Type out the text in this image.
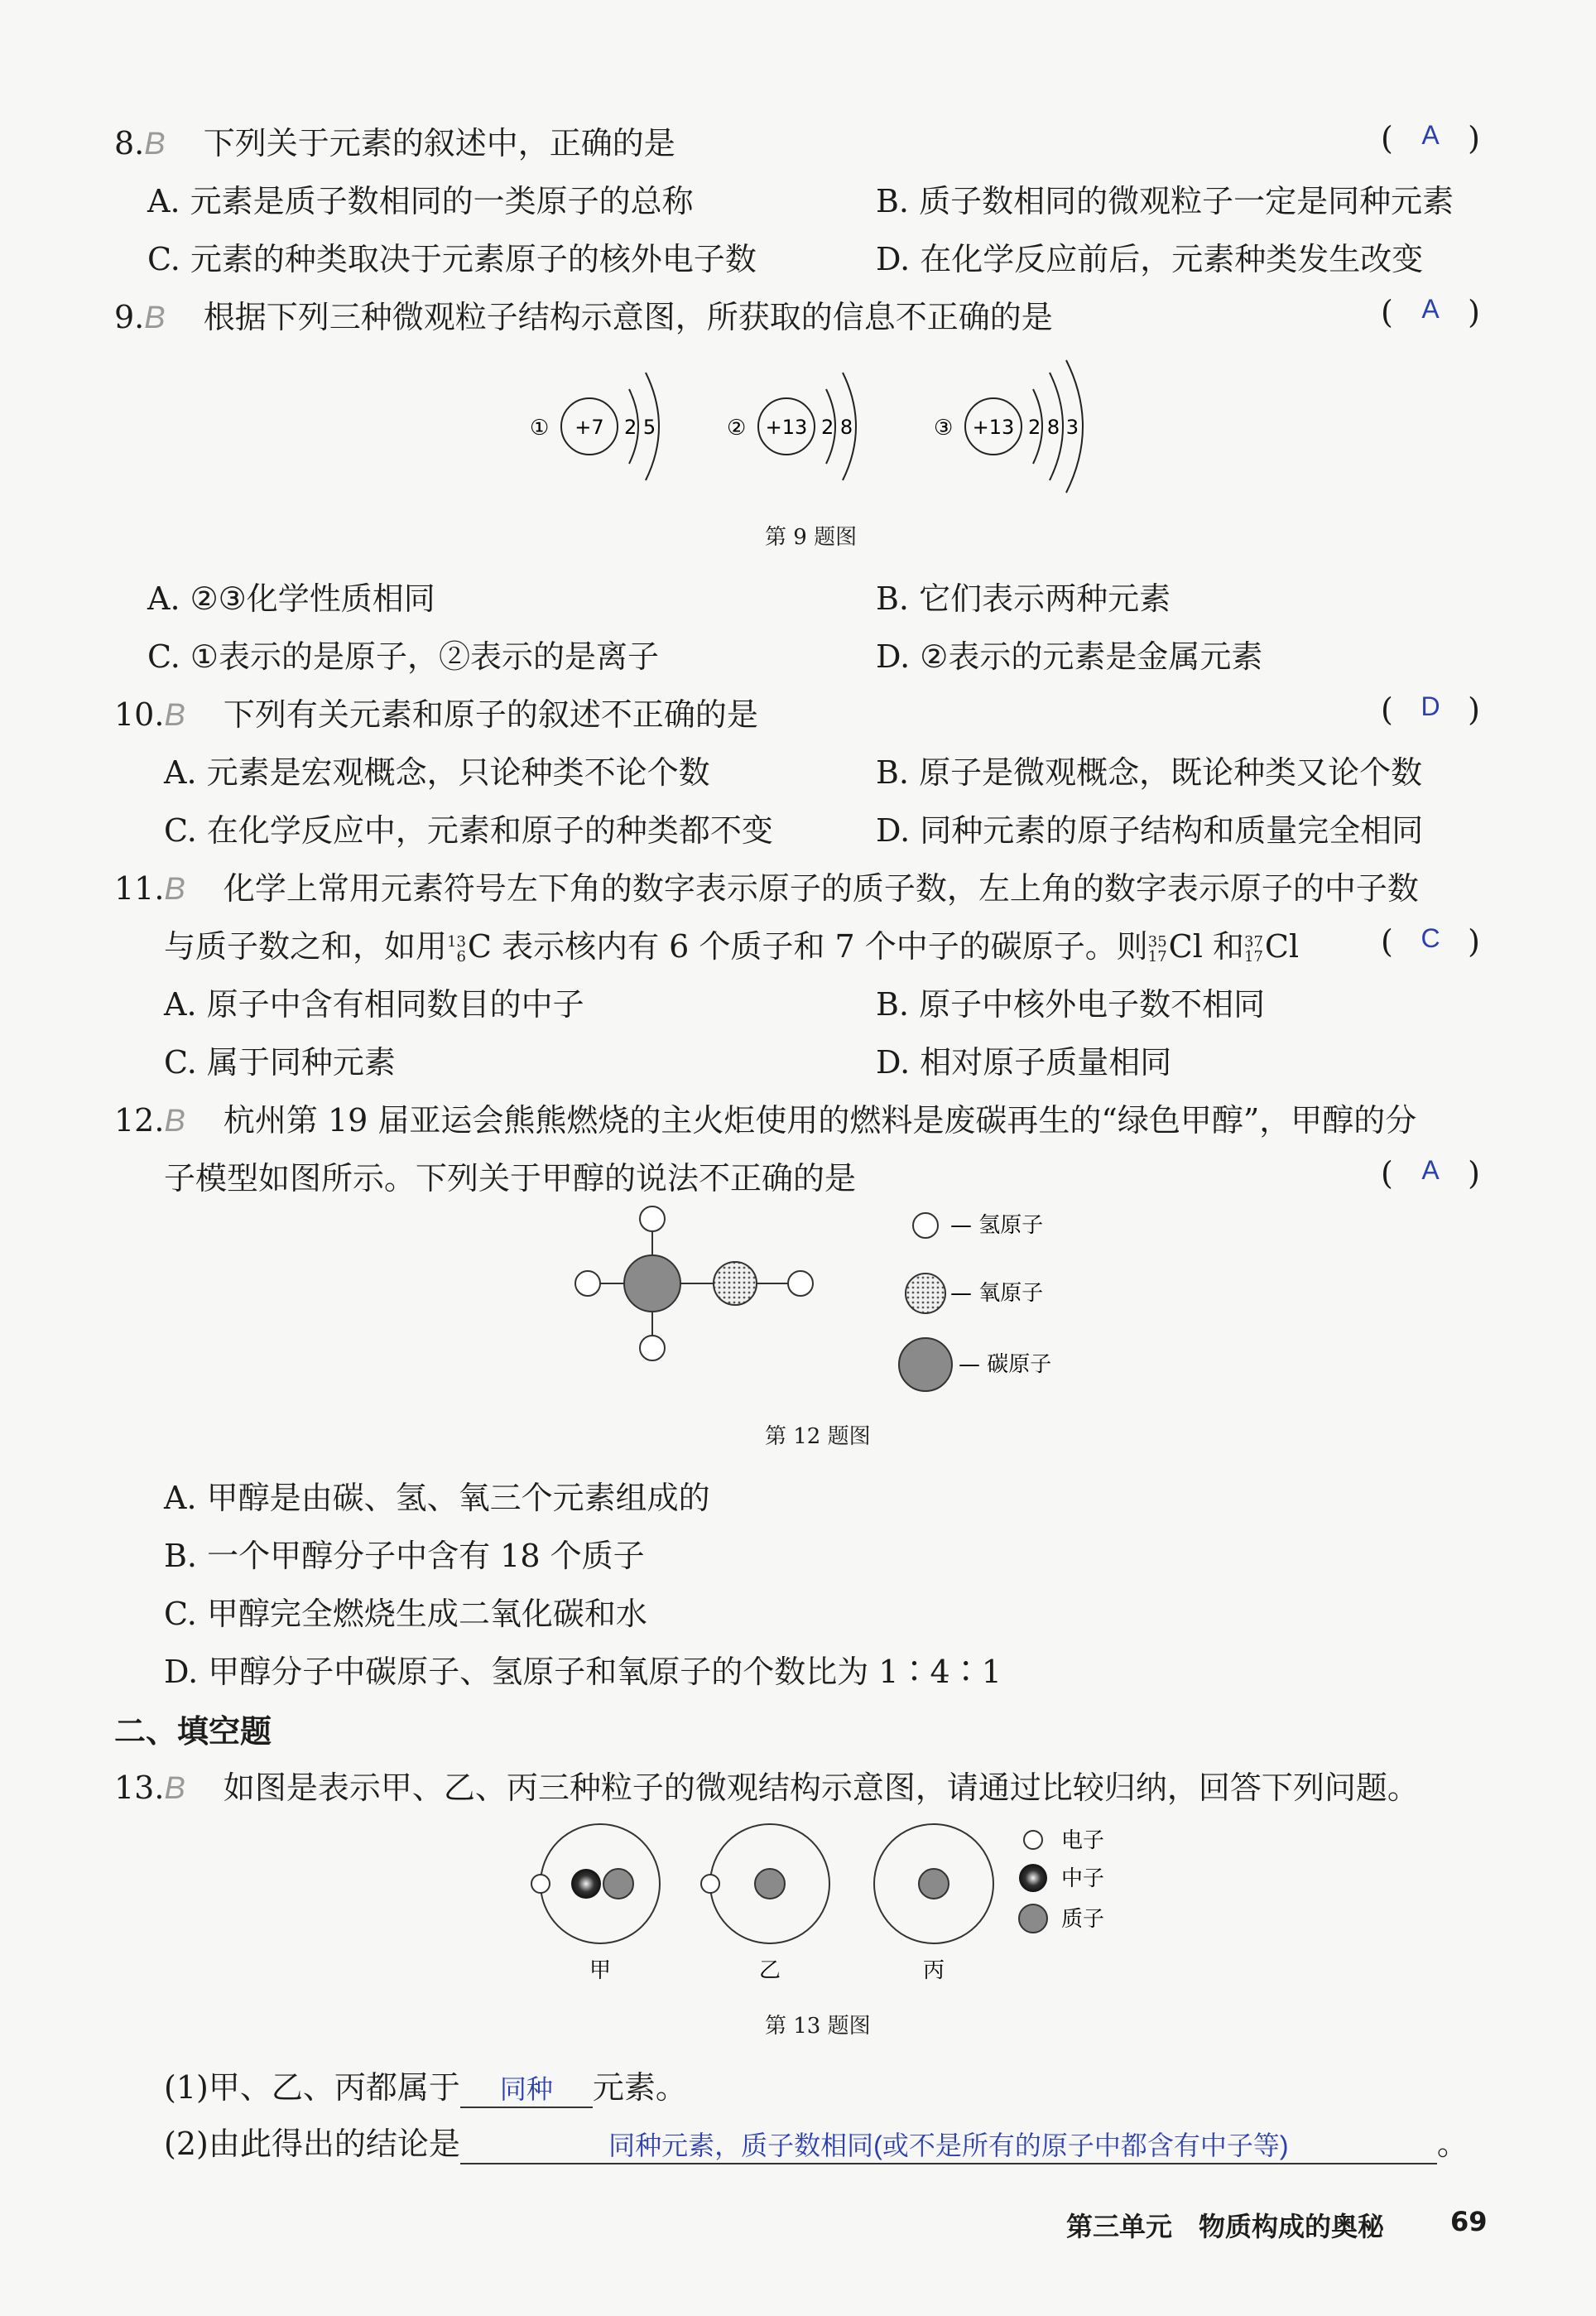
8.B 下列关于元素的叙述中，正确的是	( A )
A. 元素是质子数相同的一类原子的总称	B. 质子数相同的微观粒子一定是同种元素
C. 元素的种类取决于元素原子的核外电子数	D. 在化学反应前后，元素种类发生改变
9.B 根据下列三种微观粒子结构示意图，所获取的信息不正确的是	( A )
① +7 2 5	② +13 2 8	③ +13 2 8 3
第 9 题图
A. ②③化学性质相同	B. 它们表示两种元素
C. ①表示的是原子，②表示的是离子	D. ②表示的元素是金属元素
10.B 下列有关元素和原子的叙述不正确的是	( D )
A. 元素是宏观概念，只论种类不论个数	B. 原子是微观概念，既论种类又论个数
C. 在化学反应中，元素和原子的种类都不变	D. 同种元素的原子结构和质量完全相同
11.B 化学上常用元素符号左下角的数字表示原子的质子数，左上角的数字表示原子的中子数
与质子数之和，如用 13
6 C 表示核内有 6 个质子和 7 个中子的碳原子。则 35
17 Cl 和 37
17 Cl	( C )
A. 原子中含有相同数目的中子	B. 原子中核外电子数不相同
C. 属于同种元素	D. 相对原子质量相同
12.B 杭州第 19 届亚运会熊熊燃烧的主火炬使用的燃料是废碳再生的“绿色甲醇”，甲醇的分
子模型如图所示。下列关于甲醇的说法不正确的是	( A )
— 氢原子
— 氧原子
— 碳原子
第 12 题图
A. 甲醇是由碳、氢、氧三个元素组成的
B. 一个甲醇分子中含有 18 个质子
C. 甲醇完全燃烧生成二氧化碳和水
D. 甲醇分子中碳原子、氢原子和氧原子的个数比为 1∶4∶1
二、填空题
13.B 如图是表示甲、乙、丙三种粒子的微观结构示意图，请通过比较归纳，回答下列问题。
甲	乙	丙
电子
中子
质子
第 13 题图
(1)甲、乙、丙都属于 同种 元素。
(2)由此得出的结论是	同种元素，质子数相同(或不是所有的原子中都含有中子等)	。
第三单元　物质构成的奥秘 69
